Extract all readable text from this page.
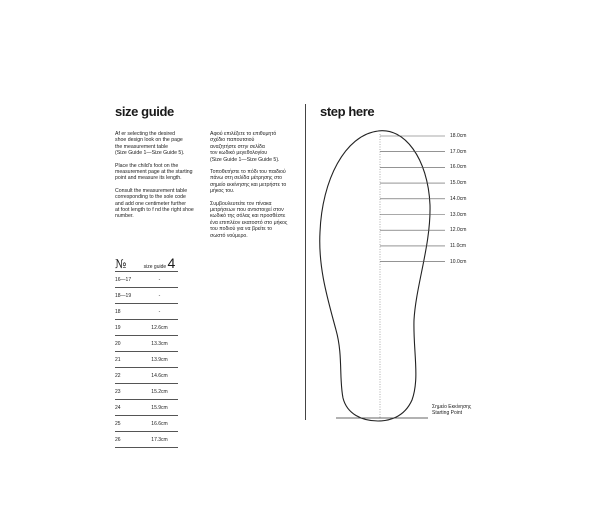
size guide

Af er selecting the desired
shoe design look on the page
the measurement table
(Size Guide 1—Size Guide 5).

Place the child's foot on the
measurement page at the starting
point and measure its length.

Consult the measurement table
corresponding to the sole code
and add one centimeter further
at foot length to f nd the right shoe
number.

Αφού επιλέξετε το επιθυμητό
σχέδιο παπουτσιού
αναζητήστε στην σελίδα
τον κωδικό μεγεθολογίου
(Size Guide 1—Size Guide 5).

Τοποθετήστε το πόδι του παιδιού
πάνω στη σελίδα μέτρησης στο
σημείο εκκίνησης και μετρήστε το
μήκος του.

Συμβουλευτείτε τον πίνακα
μετρήσεων που αντιστοιχεί στον
κωδικό της σόλας και προσθέστε
ένα επιπλέον εκατοστό στο μήκος
του ποδιού για να βρείτε το
σωστό νούμερο.

№	size guide 4
16—17	-
18—19	-
18	-
19	12.6cm
20	13.3cm
21	13.9cm
22	14.6cm
23	15.2cm
24	15.9cm
25	16.6cm
26	17.3cm
step here
18.0cm
17.0cm
16.0cm
15.0cm
14.0cm
13.0cm
12.0cm
11.0cm
10.0cm
Σημείο Εκκίνησης
Starting Point
